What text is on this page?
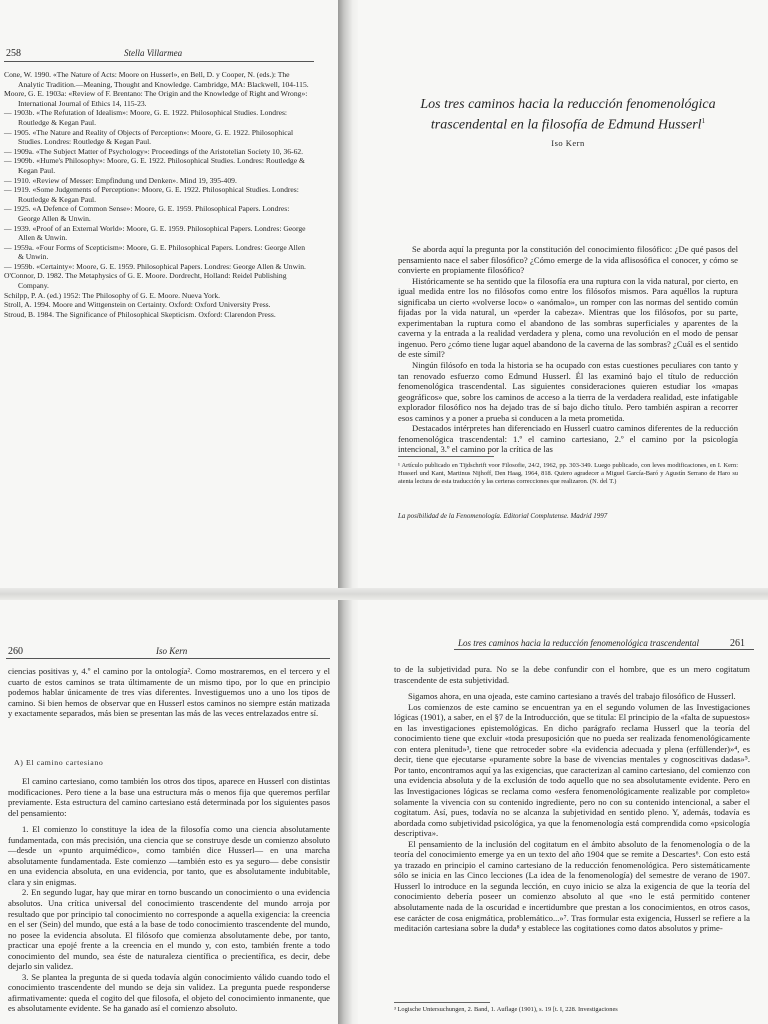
258	Stella Villarmea

Cone, W. 1990. «The Nature of Acts: Moore on Husserl», en Bell, D. y Cooper, N. (eds.): The Analytic Tradition.—Meaning, Thought and Knowledge. Cambridge, MA: Blackwell, 104-115.

Moore, G. E. 1903a: «Review of F. Brentano: The Origin and the Knowledge of Right and Wrong»: International Journal of Ethics 14, 115-23.

— 1903b. «The Refutation of Idealism»: Moore, G. E. 1922. Philosophical Studies. Londres: Routledge & Kegan Paul.

— 1905. «The Nature and Reality of Objects of Perception»: Moore, G. E. 1922. Philosophical Studies. Londres: Routledge & Kegan Paul.

— 1909a. «The Subject Matter of Psychology»: Proceedings of the Aristotelian Society 10, 36-62.

— 1909b. «Hume's Philosophy»: Moore, G. E. 1922. Philosophical Studies. Londres: Routledge & Kegan Paul.

— 1910. «Review of Messer: Empfindung und Denken». Mind 19, 395-409.

— 1919. «Some Judgements of Perception»: Moore, G. E. 1922. Philosophical Studies. Londres: Routledge & Kegan Paul.

— 1925. «A Defence of Common Sense»: Moore, G. E. 1959. Philosophical Papers. Londres: George Allen & Unwin.

— 1939. «Proof of an External World»: Moore, G. E. 1959. Philosophical Papers. Londres: George Allen & Unwin.

— 1959a. «Four Forms of Scepticism»: Moore, G. E. Philosophical Papers. Londres: George Allen & Unwin.

— 1959b. «Certainty»: Moore, G. E. 1959. Philosophical Papers. Londres: George Allen & Unwin.

O'Connor, D. 1982. The Metaphysics of G. E. Moore. Dordrecht, Holland: Reidel Publishing Company.

Schilpp, P. A. (ed.) 1952: The Philosophy of G. E. Moore. Nueva York.

Stroll, A. 1994. Moore and Wittgenstein on Certainty. Oxford: Oxford University Press.

Stroud, B. 1984. The Significance of Philosophical Skepticism. Oxford: Clarendon Press.

Los tres caminos hacia la reducción fenomenológica trascendental en la filosofía de Edmund Husserl$^1$
Iso Kern

Se aborda aquí la pregunta por la constitución del conocimiento filosófico: ¿De qué pasos del pensamiento nace el saber filosófico? ¿Cómo emerge de la vida aflisosófica el conocer, y cómo se convierte en propiamente filosófico?

Históricamente se ha sentido que la filosofía era una ruptura con la vida natural, por cierto, en igual medida entre los no filósofos como entre los filósofos mismos. Para aquéllos la ruptura significaba un cierto «volverse loco» o «anómalo», un romper con las normas del sentido común fijadas por la vida natural, un «perder la cabeza». Mientras que los filósofos, por su parte, experimentaban la ruptura como el abandono de las sombras superficiales y aparentes de la caverna y la entrada a la realidad verdadera y plena, como una revolución en el modo de pensar ingenuo. Pero ¿cómo tiene lugar aquel abandono de la caverna de las sombras? ¿Cuál es el sentido de este símil?

Ningún filósofo en toda la historia se ha ocupado con estas cuestiones peculiares con tanto y tan renovado esfuerzo como Edmund Husserl. Él las examinó bajo el título de reducción fenomenológica trascendental. Las siguientes consideraciones quieren estudiar los «mapas geográficos» que, sobre los caminos de acceso a la tierra de la verdadera realidad, este infatigable explorador filosófico nos ha dejado tras de sí bajo dicho título. Pero también aspiran a recorrer esos caminos y a poner a prueba si conducen a la meta prometida.

Destacados intérpretes han diferenciado en Husserl cuatro caminos diferentes de la reducción fenomenológica trascendental: 1.º el camino cartesiano, 2.º el camino por la psicología intencional, 3.º el camino por la crítica de las

¹ Artículo publicado en Tijdschrift voor Filosofie, 24/2, 1962, pp. 303-349. Luego publicado, con leves modificaciones, en I. Kern: Husserl und Kant, Martinus Nijhoff, Den Haag, 1964, 818. Quiero agradecer a Miguel García-Baró y Agustín Serrano de Haro su atenta lectura de esta traducción y las certeras correcciones que realizaron. (N. del T.)

La posibilidad de la Fenomenología. Editorial Complutense. Madrid 1997
260	Iso Kern

ciencias positivas y, 4.º el camino por la ontología². Como mostraremos, en el tercero y el cuarto de estos caminos se trata últimamente de un mismo tipo, por lo que en principio podemos hablar únicamente de tres vías diferentes. Investiguemos uno a uno los tipos de camino. Si bien hemos de observar que en Husserl estos caminos no siempre están matizada y exactamente separados, más bien se presentan las más de las veces entrelazados entre sí.

A) El camino cartesiano

El camino cartesiano, como también los otros dos tipos, aparece en Husserl con distintas modificaciones. Pero tiene a la base una estructura más o menos fija que queremos perfilar previamente. Esta estructura del camino cartesiano está determinada por los siguientes pasos del pensamiento:

1. El comienzo lo constituye la idea de la filosofía como una ciencia absolutamente fundamentada, con más precisión, una ciencia que se construye desde un comienzo absoluto —desde un «punto arquimédico», como también dice Husserl— en una marcha absolutamente fundamentada. Este comienzo —también esto es ya seguro— debe consistir en una evidencia absoluta, en una evidencia, por tanto, que es absolutamente indubitable, clara y sin enigmas.

2. En segundo lugar, hay que mirar en torno buscando un conocimiento o una evidencia absolutos. Una crítica universal del conocimiento trascendente del mundo arroja por resultado que por principio tal conocimiento no corresponde a aquella exigencia: la creencia en el ser (Sein) del mundo, que está a la base de todo conocimiento trascendente del mundo, no posee la evidencia absoluta. El filósofo que comienza absolutamente debe, por tanto, practicar una epojé frente a la creencia en el mundo y, con esto, también frente a todo conocimiento del mundo, sea éste de naturaleza científica o precientífica, es decir, debe dejarlo sin validez.

3. Se plantea la pregunta de si queda todavía algún conocimiento válido cuando todo el conocimiento trascendente del mundo se deja sin validez. La pregunta puede responderse afirmativamente: queda el cogito del que filosofa, el objeto del conocimiento inmanente, que es absolutamente evidente. Se ha ganado así el comienzo absoluto.

Los tres caminos hacia la reducción fenomenológica trascendental	261

to de la subjetividad pura. No se la debe confundir con el hombre, que es un mero cogitatum trascendente de esta subjetividad.

Sigamos ahora, en una ojeada, este camino cartesiano a través del trabajo filosófico de Husserl.

Los comienzos de este camino se encuentran ya en el segundo volumen de las Investigaciones lógicas (1901), a saber, en el §7 de la Introducción, que se titula: El principio de la «falta de supuestos» en las investigaciones epistemológicas. En dicho parágrafo reclama Husserl que la teoría del conocimiento tiene que excluir «toda presuposición que no pueda ser realizada fenomenológicamente con entera plenitud»³, tiene que retroceder sobre «la evidencia adecuada y plena (erfüllender)»⁴, es decir, tiene que ejecutarse «puramente sobre la base de vivencias mentales y cognoscitivas dadas»⁵. Por tanto, encontramos aquí ya las exigencias, que caracterizan al camino cartesiano, del comienzo con una evidencia absoluta y de la exclusión de todo aquello que no sea absolutamente evidente. Pero en las Investigaciones lógicas se reclama como «esfera fenomenológicamente realizable por completo» solamente la vivencia con su contenido ingrediente, pero no con su contenido intencional, a saber el cogitatum. Así, pues, todavía no se alcanza la subjetividad en sentido pleno. Y, además, todavía es abordada como subjetividad psicológica, ya que la fenomenología está comprendida como «psicología descriptiva».

El pensamiento de la inclusión del cogitatum en el ámbito absoluto de la fenomenología o de la teoría del conocimiento emerge ya en un texto del año 1904 que se remite a Descartes⁶. Con esto está ya trazado en principio el camino cartesiano de la reducción fenomenológica. Pero sistemáticamente sólo se inicia en las Cinco lecciones (La idea de la fenomenología) del semestre de verano de 1907. Husserl lo introduce en la segunda lección, en cuyo inicio se alza la exigencia de que la teoría del conocimiento debería poseer un comienzo absoluto al que «no le está permitido contener absolutamente nada de la oscuridad e incertidumbre que prestan a los conocimientos, en otros casos, ese carácter de cosa enigmática, problemático...»⁷. Tras formular esta exigencia, Husserl se refiere a la meditación cartesiana sobre la duda⁸ y establece las cogitationes como datos absolutos y prime-

³ Logische Untersuchungen, 2. Band, 1. Auflage (1901), s. 19 [t. I, 228. Investigaciones
